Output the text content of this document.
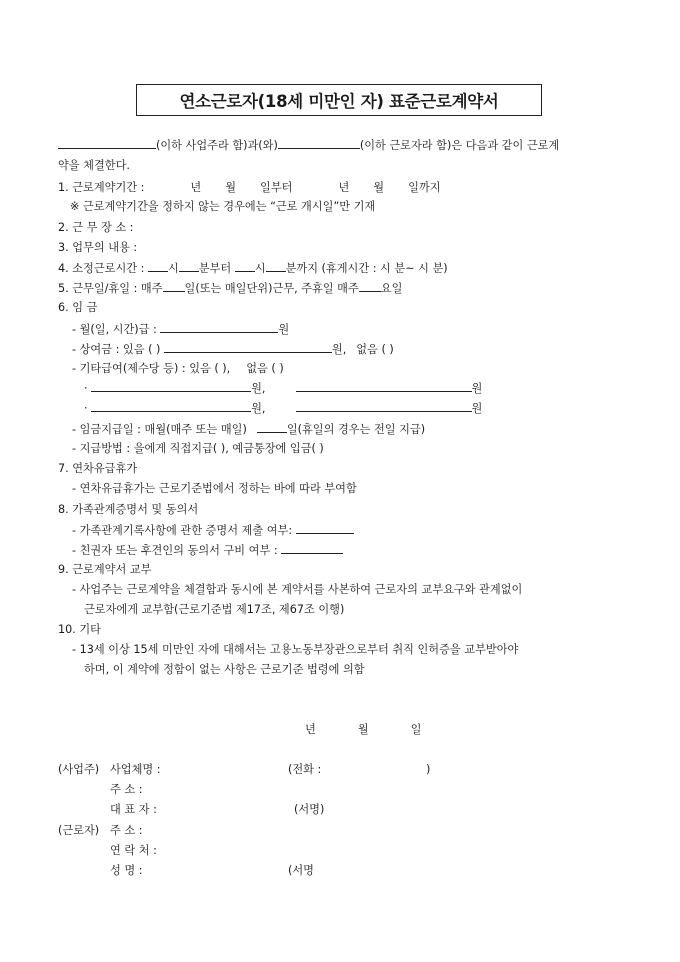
연소근로자(18세 미만인 자) 표준근로계약서
(이하 사업주라 함)과(와)	(이하 근로자라 함)은 다음과 같이 근로계
약을 체결한다.
1. 근로계약기간 :	년 월 일부터	년 월 일까지
※ 근로계약기간을 정하지 않는 경우에는 “근로 개시일”만 기재
2. 근 무 장 소 :
3. 업무의 내용 :
4. 소정근로시간 : 시 분부터 시 분까지 (휴게시간 : 시 분~ 시 분)
5. 근무일/휴일 : 매주 일(또는 매일단위)근무, 주휴일 매주 요일
6. 임 금
- 월(일, 시간)급 :	원
- 상여금 : 있음 ( )	원, 없음 ( )
- 기타급여(제수당 등) : 있음 ( ), 없음 ( )
·	원,	원
·	원,	원
- 임금지급일 : 매월(매주 또는 매일)	일(휴일의 경우는 전일 지급)
- 지급방법 : 을에게 직접지급( ), 예금통장에 입금( )
7. 연차유급휴가
- 연차유급휴가는 근로기준법에서 정하는 바에 따라 부여함
8. 가족관계증명서 및 동의서
- 가족관계기록사항에 관한 증명서 제출 여부:
- 친권자 또는 후견인의 동의서 구비 여부 :
9. 근로계약서 교부
- 사업주는 근로계약을 체결함과 동시에 본 계약서를 사본하여 근로자의 교부요구와 관계없이
근로자에게 교부함(근로기준법 제17조, 제67조 이행)
10. 기타
- 13세 이상 15세 미만인 자에 대해서는 고용노동부장관으로부터 취직 인허증을 교부받아야
하며, 이 계약에 정함이 없는 사항은 근로기준 법령에 의함
년	월	일
(사업주) 사업체명 :	(전화 :	)
주 소 :
대 표 자 :	(서명)
(근로자) 주 소 :
연 락 처 :
성 명 :	(서명
